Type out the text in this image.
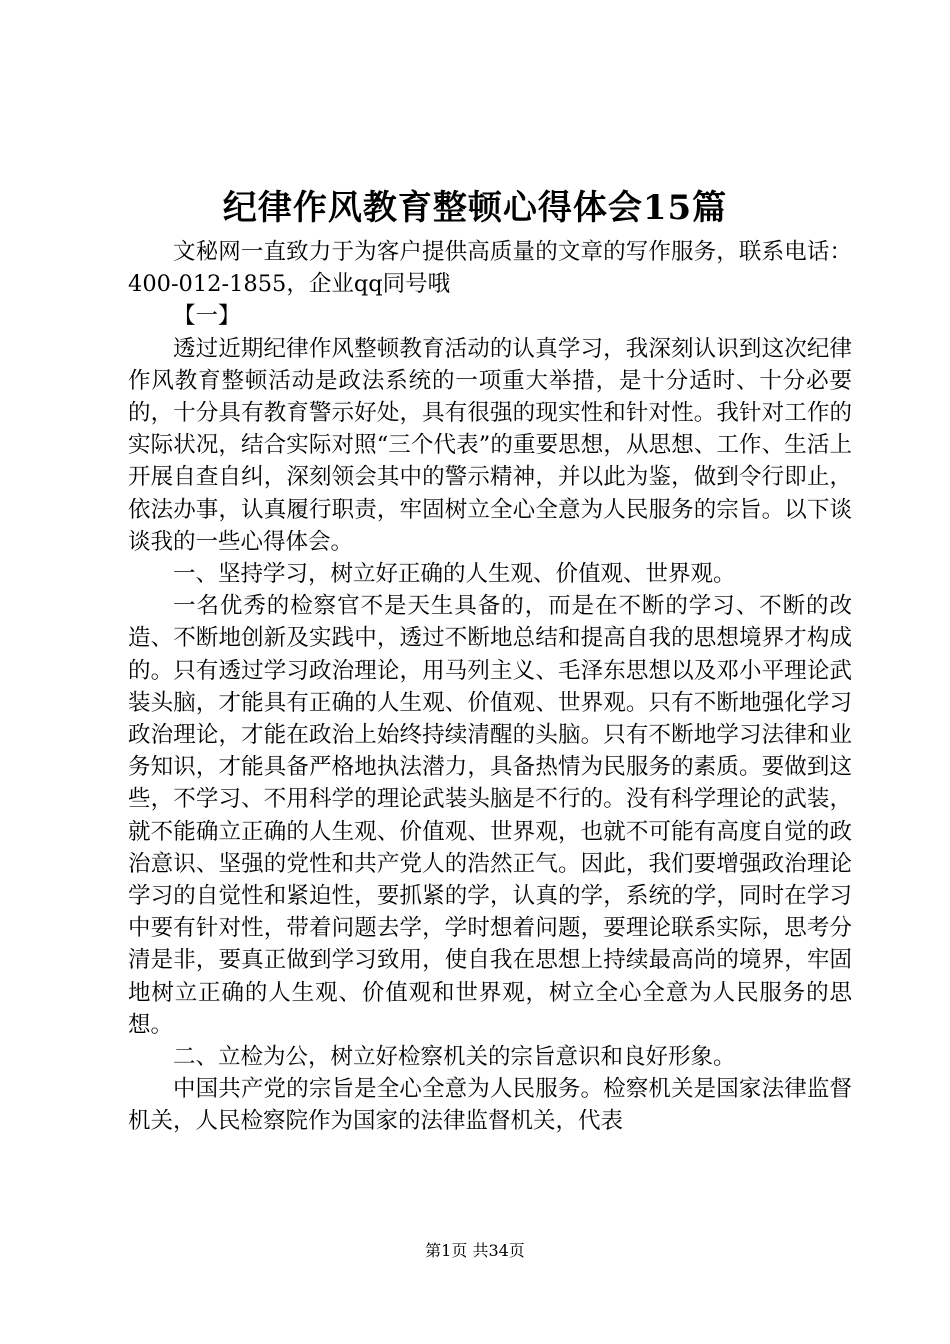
纪律作风教育整顿心得体会15篇

文秘网一直致力于为客户提供高质量的文章的写作服务，联系电话：400-012-1855，企业qq同号哦

【一】

透过近期纪律作风整顿教育活动的认真学习，我深刻认识到这次纪律作风教育整顿活动是政法系统的一项重大举措，是十分适时、十分必要的，十分具有教育警示好处，具有很强的现实性和针对性。我针对工作的实际状况，结合实际对照“三个代表”的重要思想，从思想、工作、生活上开展自查自纠，深刻领会其中的警示精神，并以此为鉴，做到令行即止，依法办事，认真履行职责，牢固树立全心全意为人民服务的宗旨。以下谈谈我的一些心得体会。

一、坚持学习，树立好正确的人生观、价值观、世界观。

一名优秀的检察官不是天生具备的，而是在不断的学习、不断的改造、不断地创新及实践中，透过不断地总结和提高自我的思想境界才构成的。只有透过学习政治理论，用马列主义、毛泽东思想以及邓小平理论武装头脑，才能具有正确的人生观、价值观、世界观。只有不断地强化学习政治理论，才能在政治上始终持续清醒的头脑。只有不断地学习法律和业务知识，才能具备严格地执法潜力，具备热情为民服务的素质。要做到这些，不学习、不用科学的理论武装头脑是不行的。没有科学理论的武装，就不能确立正确的人生观、价值观、世界观，也就不可能有高度自觉的政治意识、坚强的党性和共产党人的浩然正气。因此，我们要增强政治理论学习的自觉性和紧迫性，要抓紧的学，认真的学，系统的学，同时在学习中要有针对性，带着问题去学，学时想着问题，要理论联系实际，思考分清是非，要真正做到学习致用，使自我在思想上持续最高尚的境界，牢固地树立正确的人生观、价值观和世界观，树立全心全意为人民服务的思想。

二、立检为公，树立好检察机关的宗旨意识和良好形象。

中国共产党的宗旨是全心全意为人民服务。检察机关是国家法律监督机关，人民检察院作为国家的法律监督机关，代表

第1页 共34页
